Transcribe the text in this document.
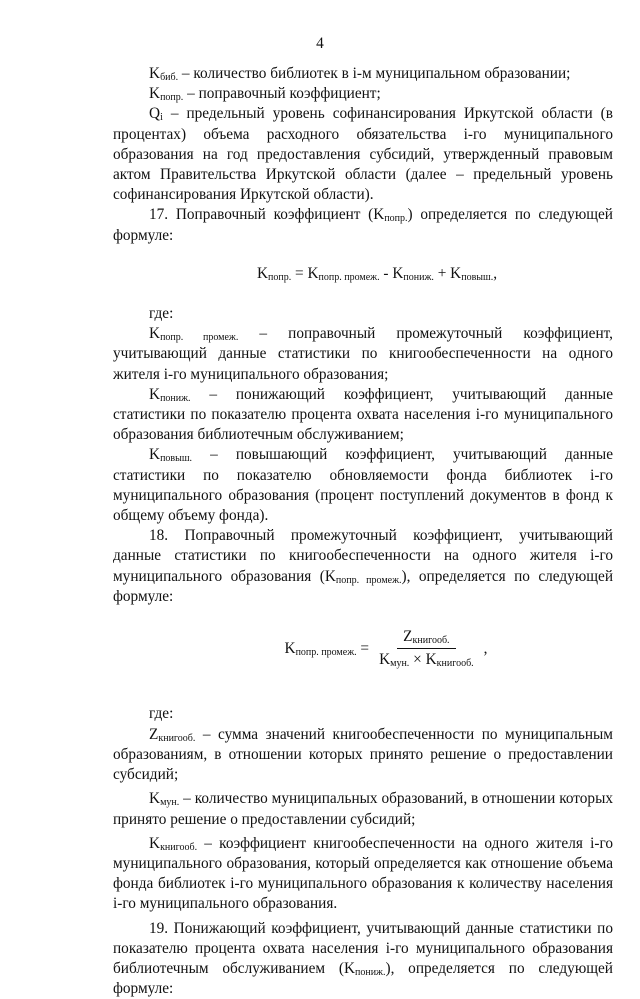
4

$K_{биб.}$ – количество библиотек в i-м муниципальном образовании;

$K_{попр.}$ – поправочный коэффициент;

$Q_i$ – предельный уровень софинансирования Иркутской области (в процентах) объема расходного обязательства i-го муниципального образования на год предоставления субсидий, утвержденный правовым актом Правительства Иркутской области (далее – предельный уровень софинансирования Иркутской области).

17. Поправочный коэффициент $(K_{попр.})$ определяется по следующей формуле:

$K_{попр.} = K_{попр. промеж.} - K_{пониж.} + K_{повыш.}$,

где:

$K_{попр. промеж.}$ – поправочный промежуточный коэффициент, учитывающий данные статистики по книгообеспеченности на одного жителя i-го муниципального образования;

$K_{пониж.}$ – понижающий коэффициент, учитывающий данные статистики по показателю процента охвата населения i-го муниципального образования библиотечным обслуживанием;

$K_{повыш.}$ – повышающий коэффициент, учитывающий данные статистики по показателю обновляемости фонда библиотек i-го муниципального образования (процент поступлений документов в фонд к общему объему фонда).

18. Поправочный промежуточный коэффициент, учитывающий данные статистики по книгообеспеченности на одного жителя i-го муниципального образования $(K_{попр. промеж.})$, определяется по следующей формуле:

$K_{попр. промеж.} = \frac{Z_{книгооб.}}{K_{мун.} \times K_{книгооб.}}$ ,

где:

$Z_{книгооб.}$ – сумма значений книгообеспеченности по муниципальным образованиям, в отношении которых принято решение о предоставлении субсидий;

$K_{мун.}$ – количество муниципальных образований, в отношении которых принято решение о предоставлении субсидий;

$K_{книгооб.}$ – коэффициент книгообеспеченности на одного жителя i-го муниципального образования, который определяется как отношение объема фонда библиотек i-го муниципального образования к количеству населения i-го муниципального образования.

19. Понижающий коэффициент, учитывающий данные статистики по показателю процента охвата населения i-го муниципального образования библиотечным обслуживанием $(K_{пониж.})$, определяется по следующей формуле:
